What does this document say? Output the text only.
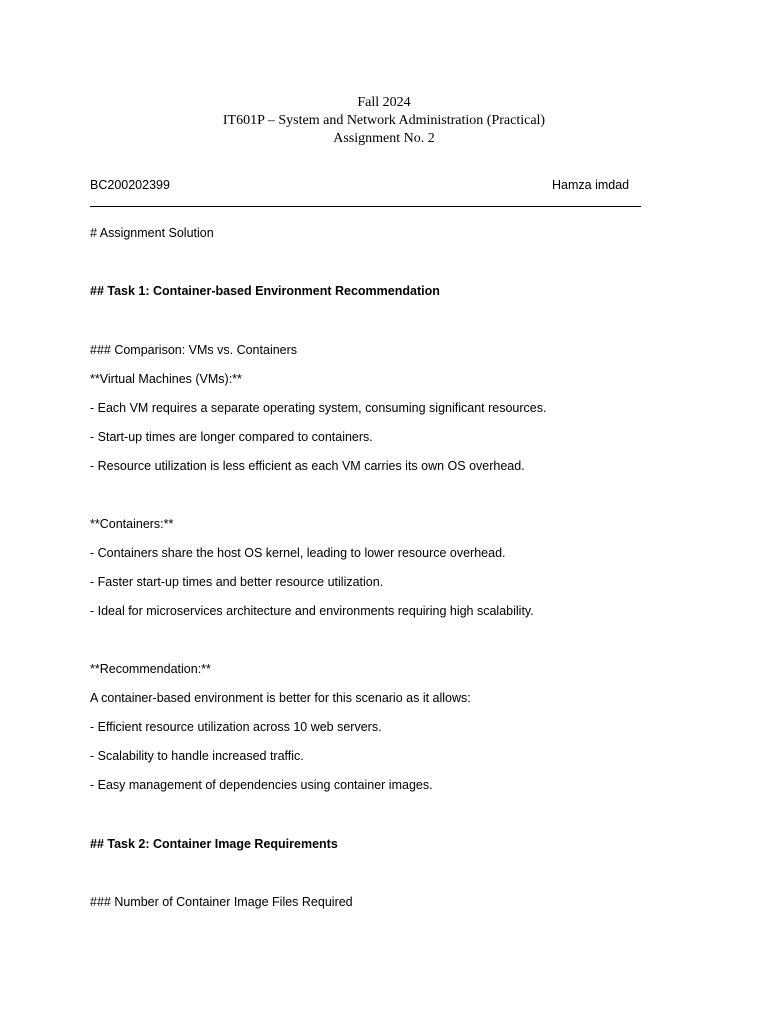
Fall 2024
IT601P – System and Network Administration (Practical)
Assignment No. 2
BC200202399	Hamza imdad
# Assignment Solution
## Task 1: Container-based Environment Recommendation
### Comparison: VMs vs. Containers
**Virtual Machines (VMs):**
- Each VM requires a separate operating system, consuming significant resources.
- Start-up times are longer compared to containers.
- Resource utilization is less efficient as each VM carries its own OS overhead.
**Containers:**
- Containers share the host OS kernel, leading to lower resource overhead.
- Faster start-up times and better resource utilization.
- Ideal for microservices architecture and environments requiring high scalability.
**Recommendation:**
A container-based environment is better for this scenario as it allows:
- Efficient resource utilization across 10 web servers.
- Scalability to handle increased traffic.
- Easy management of dependencies using container images.
## Task 2: Container Image Requirements
### Number of Container Image Files Required
